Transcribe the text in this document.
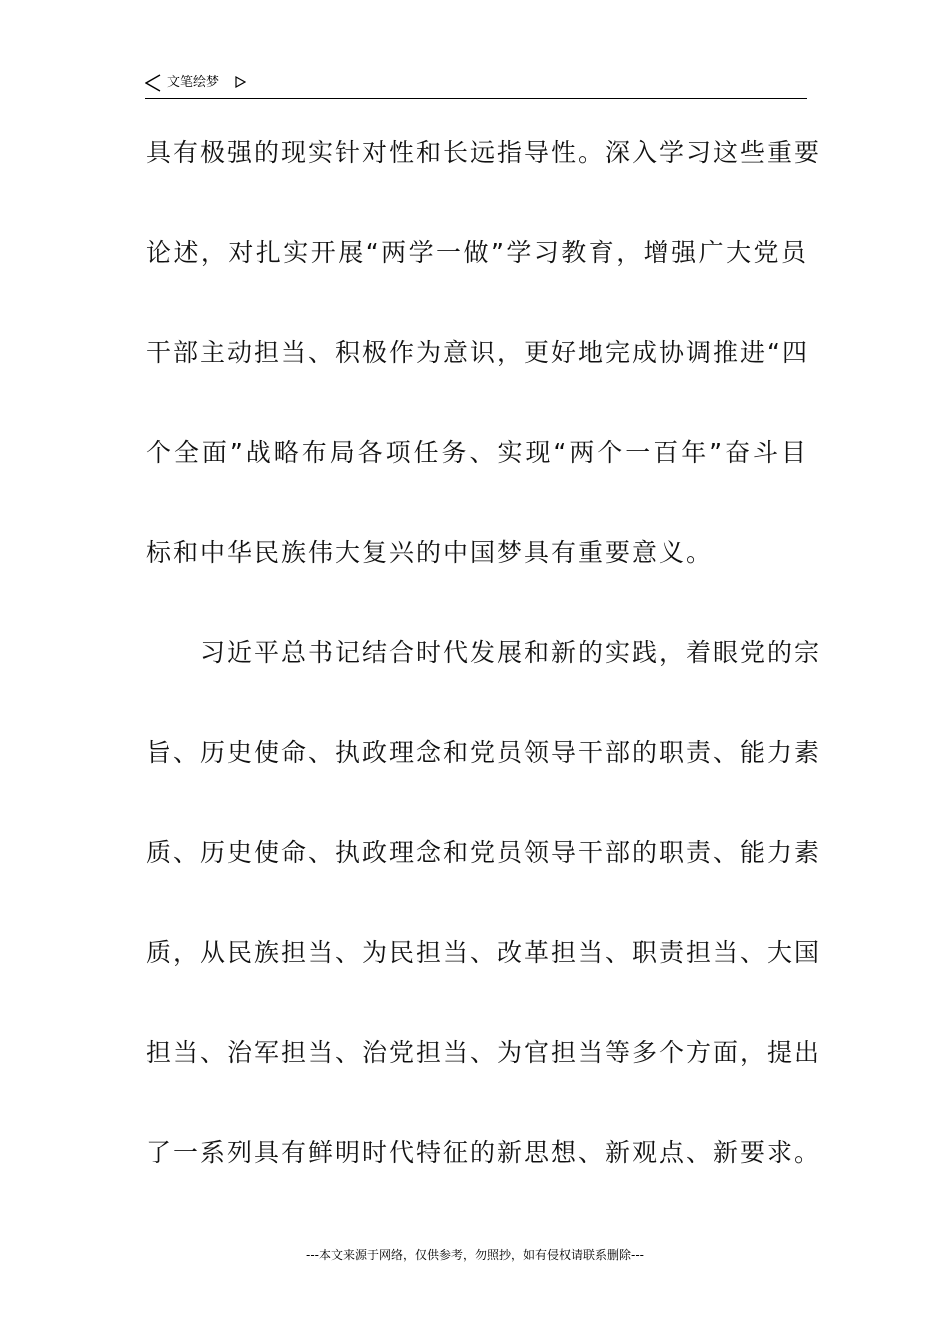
文笔绘梦
具有极强的现实针对性和长远指导性。深入学习这些重要
论述，对扎实开展“两学一做”学习教育，增强广大党员
干部主动担当、积极作为意识，更好地完成协调推进“四
个全面”战略布局各项任务、实现“两个一百年”奋斗目
标和中华民族伟大复兴的中国梦具有重要意义。
习近平总书记结合时代发展和新的实践，着眼党的宗
旨、历史使命、执政理念和党员领导干部的职责、能力素
质、历史使命、执政理念和党员领导干部的职责、能力素
质，从民族担当、为民担当、改革担当、职责担当、大国
担当、治军担当、治党担当、为官担当等多个方面，提出
了一系列具有鲜明时代特征的新思想、新观点、新要求。
---本文来源于网络，仅供参考，勿照抄，如有侵权请联系删除---
